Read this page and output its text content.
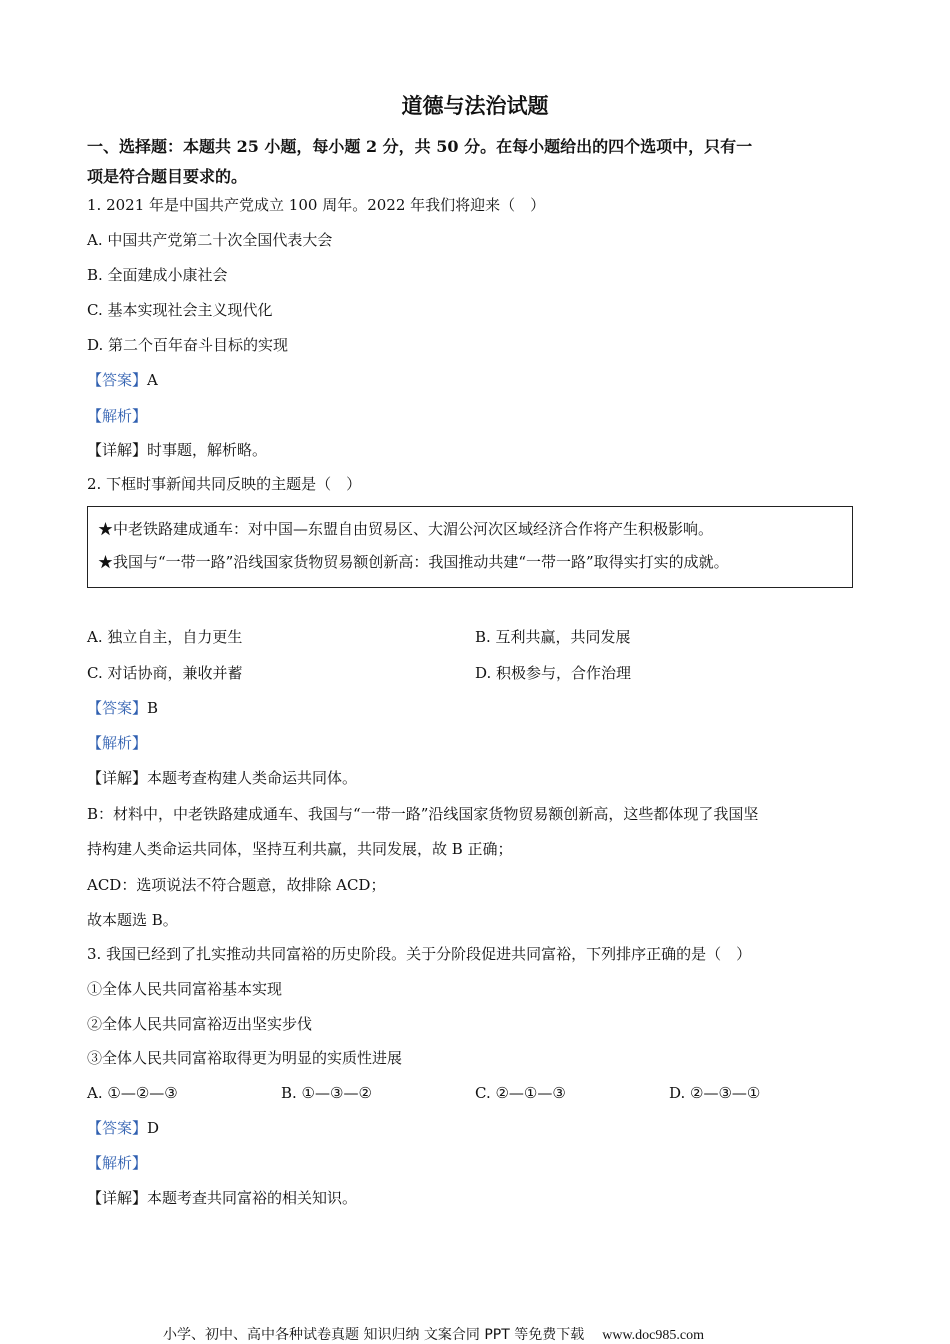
道德与法治试题
一、选择题：本题共 25 小题，每小题 2 分，共 50 分。在每小题给出的四个选项中，只有一
项是符合题目要求的。
1. 2021 年是中国共产党成立 100 周年。2022 年我们将迎来（　）
A. 中国共产党第二十次全国代表大会
B. 全面建成小康社会
C. 基本实现社会主义现代化
D. 第二个百年奋斗目标的实现
【答案】A
【解析】
【详解】时事题，解析略。
2. 下框时事新闻共同反映的主题是（　）
★中老铁路建成通车：对中国—东盟自由贸易区、大湄公河次区域经济合作将产生积极影响。
★我国与“一带一路”沿线国家货物贸易额创新高：我国推动共建“一带一路”取得实打实的成就。
A. 独立自主，自力更生	B. 互利共赢，共同发展
C. 对话协商，兼收并蓄	D. 积极参与，合作治理
【答案】B
【解析】
【详解】本题考查构建人类命运共同体。
B：材料中，中老铁路建成通车、我国与“一带一路”沿线国家货物贸易额创新高，这些都体现了我国坚
持构建人类命运共同体，坚持互利共赢，共同发展，故 B 正确；
ACD：选项说法不符合题意，故排除 ACD；
故本题选 B。
3. 我国已经到了扎实推动共同富裕的历史阶段。关于分阶段促进共同富裕，下列排序正确的是（　）
①全体人民共同富裕基本实现
②全体人民共同富裕迈出坚实步伐
③全体人民共同富裕取得更为明显的实质性进展
A. ①—②—③	B. ①—③—②	C. ②—①—③	D. ②—③—①
【答案】D
【解析】
【详解】本题考查共同富裕的相关知识。
小学、初中、高中各种试卷真题 知识归纳 文案合同 PPT 等免费下载 www.doc985.com
